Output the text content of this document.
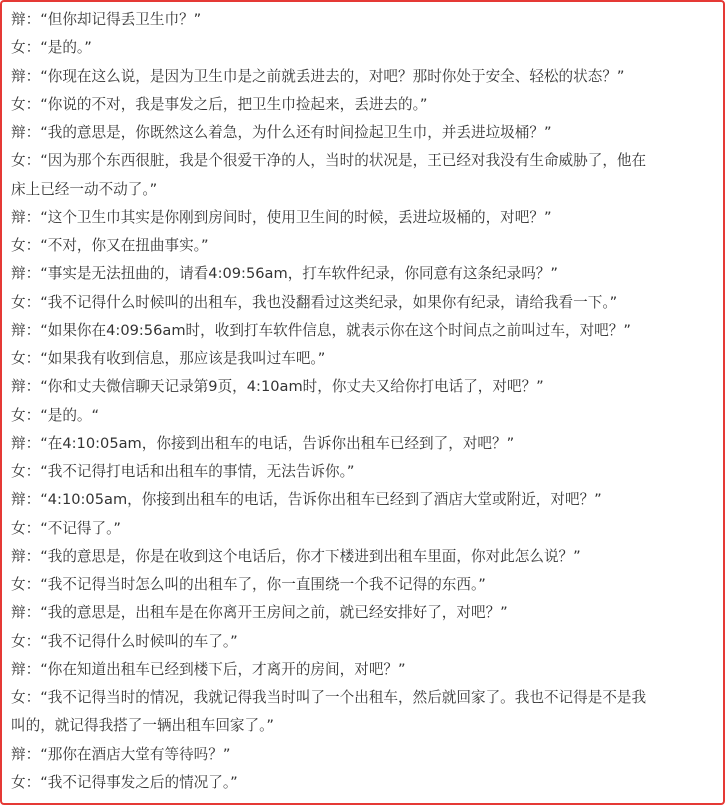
辩：“但你却记得丢卫生巾？”
女：“是的。”
辩：“你现在这么说，是因为卫生巾是之前就丢进去的，对吧？那时你处于安全、轻松的状态？”
女：“你说的不对，我是事发之后，把卫生巾捡起来，丢进去的。”
辩：“我的意思是，你既然这么着急，为什么还有时间捡起卫生巾，并丢进垃圾桶？”
女：“因为那个东西很脏，我是个很爱干净的人，当时的状况是，王已经对我没有生命威胁了，他在
床上已经一动不动了。”
辩：“这个卫生巾其实是你刚到房间时，使用卫生间的时候，丢进垃圾桶的，对吧？”
女：“不对，你又在扭曲事实。”
辩：“事实是无法扭曲的，请看4:09:56am，打车软件纪录，你同意有这条纪录吗？”
女：“我不记得什么时候叫的出租车，我也没翻看过这类纪录，如果你有纪录，请给我看一下。”
辩：“如果你在4:09:56am时，收到打车软件信息，就表示你在这个时间点之前叫过车，对吧？”
女：“如果我有收到信息，那应该是我叫过车吧。”
辩：“你和丈夫微信聊天记录第9页，4:10am时，你丈夫又给你打电话了，对吧？”
女：“是的。“
辩：“在4:10:05am，你接到出租车的电话，告诉你出租车已经到了，对吧？”
女：“我不记得打电话和出租车的事情，无法告诉你。”
辩：“4:10:05am，你接到出租车的电话，告诉你出租车已经到了酒店大堂或附近，对吧？”
女：“不记得了。”
辩：“我的意思是，你是在收到这个电话后，你才下楼进到出租车里面，你对此怎么说？”
女：“我不记得当时怎么叫的出租车了，你一直围绕一个我不记得的东西。”
辩：“我的意思是，出租车是在你离开王房间之前，就已经安排好了，对吧？”
女：“我不记得什么时候叫的车了。”
辩：“你在知道出租车已经到楼下后，才离开的房间，对吧？”
女：“我不记得当时的情况，我就记得我当时叫了一个出租车，然后就回家了。我也不记得是不是我
叫的，就记得我搭了一辆出租车回家了。”
辩：“那你在酒店大堂有等待吗？”
女：“我不记得事发之后的情况了。”
